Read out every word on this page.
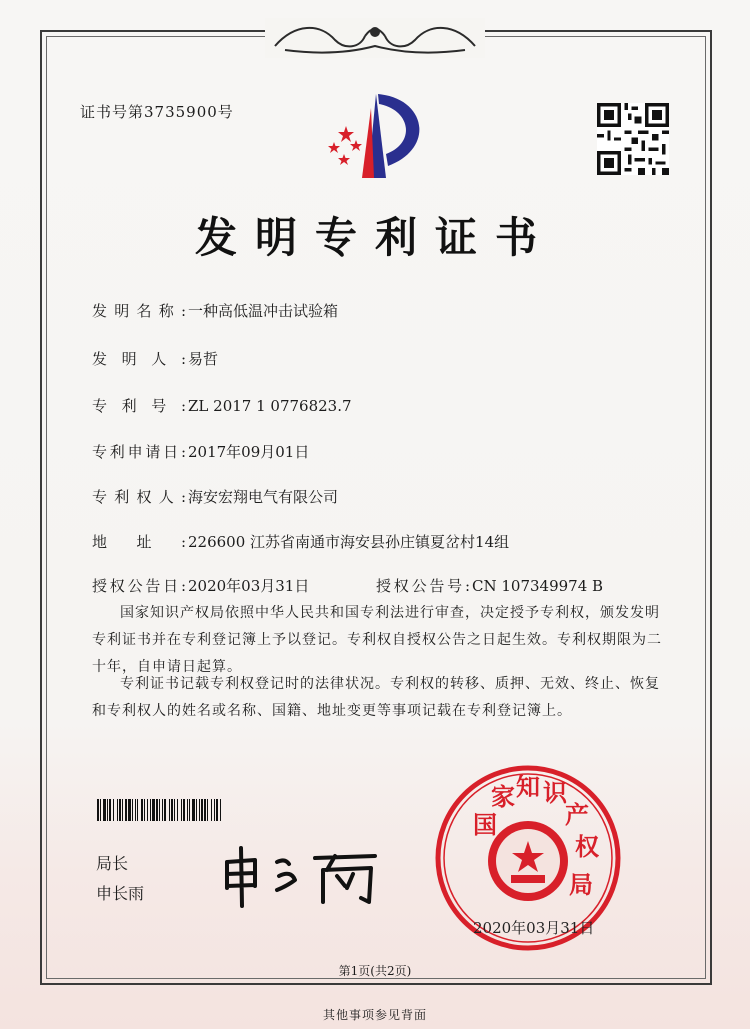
证书号第3735900号
发明专利证书
发明名称: 一种高低温冲击试验箱
发明人: 易哲
专利号: ZL 2017 1 0776823.7
专利申请日: 2017年09月01日
专利权人: 海安宏翔电气有限公司
地址: 226600 江苏省南通市海安县孙庄镇夏岔村14组
授权公告日: 2020年03月31日	授权公告号: CN 107349974 B
国家知识产权局依照中华人民共和国专利法进行审查，决定授予专利权，颁发发明专利证书并在专利登记簿上予以登记。专利权自授权公告之日起生效。专利权期限为二十年，自申请日起算。
专利证书记载专利权登记时的法律状况。专利权的转移、质押、无效、终止、恢复和专利权人的姓名或名称、国籍、地址变更等事项记载在专利登记簿上。
局长
申长雨
国
家 知 识
产
权
局
2020年03月31日
第1页(共2页)
其他事项参见背面
